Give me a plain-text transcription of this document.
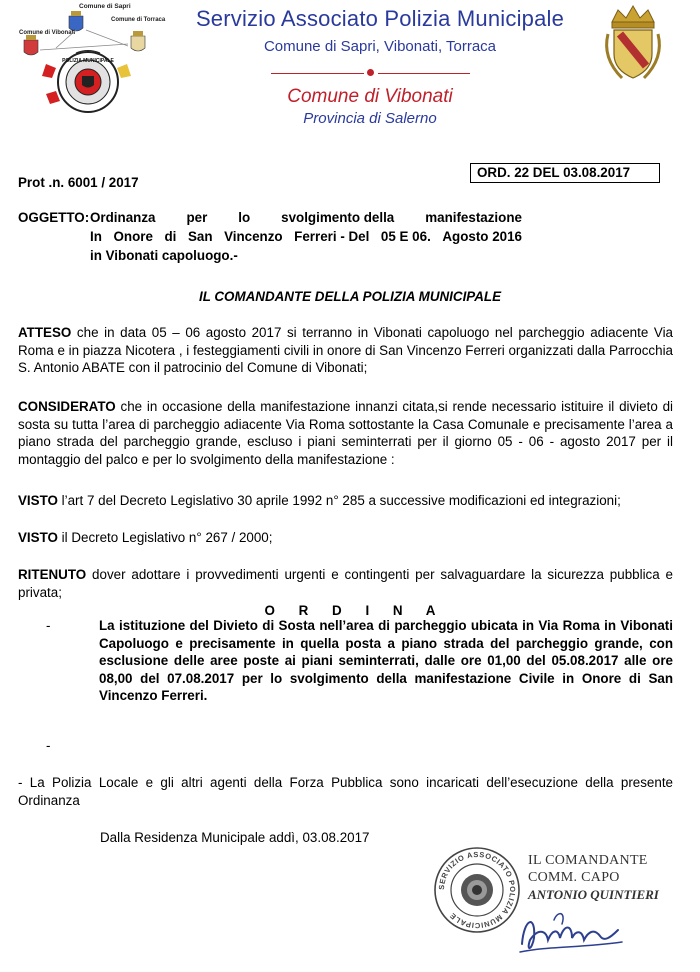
Comune di Sapri
Comune di Vibonati
Comune di Torraca
POLIZIA MUNICIPALE
Servizio Associato Polizia Municipale
Comune di Sapri, Vibonati, Torraca
Comune di Vibonati
Provincia di Salerno
Prot .n. 6001 / 2017
ORD. 22 DEL 03.08.2017
OGGETTO: Ordinanza per lo svolgimento della manifestazione
In Onore di San Vincenzo Ferreri - Del 05 E 06. Agosto 2016
in Vibonati capoluogo.-
IL COMANDANTE DELLA POLIZIA MUNICIPALE
ATTESO che in data 05 – 06 agosto 2017 si terranno in Vibonati capoluogo nel parcheggio adiacente Via Roma e in piazza Nicotera , i festeggiamenti civili in onore di San Vincenzo Ferreri organizzati dalla Parrocchia S. Antonio ABATE con il patrocinio del Comune di Vibonati;
CONSIDERATO che in occasione della manifestazione innanzi citata,si rende necessario istituire il divieto di sosta su tutta l’area di parcheggio adiacente Via Roma sottostante la Casa Comunale e precisamente l’area a piano strada del parcheggio grande, escluso i piani seminterrati per il giorno 05 - 06 - agosto 2017 per il montaggio del palco e per lo svolgimento della manifestazione :
VISTO l’art 7 del Decreto Legislativo 30 aprile 1992 n° 285 a successive modificazioni ed integrazioni;
VISTO il Decreto Legislativo n° 267 / 2000;
RITENUTO dover adottare i provvedimenti urgenti e contingenti per salvaguardare la sicurezza pubblica e privata;
O R D I N A
-	La istituzione del Divieto di Sosta nell’area di parcheggio ubicata in Via Roma in Vibonati Capoluogo e precisamente in quella posta a piano strada del parcheggio grande, con esclusione delle aree poste ai piani seminterrati, dalle ore 01,00 del 05.08.2017 alle ore 08,00 del 07.08.2017 per lo svolgimento della manifestazione Civile in Onore di San Vincenzo Ferreri.
-
- La Polizia Locale e gli altri agenti della Forza Pubblica sono incaricati dell’esecuzione della presente Ordinanza
Dalla Residenza Municipale addì, 03.08.2017
SERVIZIO ASSOCIATO POLIZIA MUNICIPALE
IL COMANDANTE
COMM. CAPO
ANTONIO QUINTIERI
